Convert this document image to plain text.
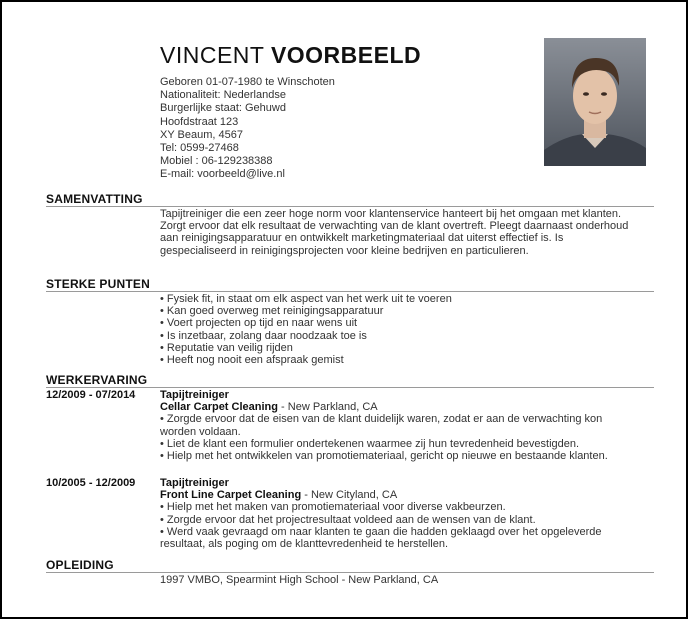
VINCENT VOORBEELD
Geboren 01-07-1980 te Winschoten
Nationaliteit: Nederlandse
Burgerlijke staat: Gehuwd
Hoofdstraat 123
XY Beaum, 4567
Tel: 0599-27468
Mobiel : 06-129238388
E-mail: voorbeeld@live.nl
SAMENVATTING
Tapijtreiniger die een zeer hoge norm voor klantenservice hanteert bij het omgaan met klanten. Zorgt ervoor dat elk resultaat de verwachting van de klant overtreft. Pleegt daarnaast onderhoud aan reinigingsapparatuur en ontwikkelt marketingmateriaal dat uiterst effectief is. Is gespecialiseerd in reinigingsprojecten voor kleine bedrijven en particulieren.
STERKE PUNTEN
• Fysiek fit, in staat om elk aspect van het werk uit te voeren
• Kan goed overweg met reinigingsapparatuur
• Voert projecten op tijd en naar wens uit
• Is inzetbaar, zolang daar noodzaak toe is
• Reputatie van veilig rijden
• Heeft nog nooit een afspraak gemist
WERKERVARING
12/2009 - 07/2014 Tapijtreiniger
Cellar Carpet Cleaning - New Parkland, CA
• Zorgde ervoor dat de eisen van de klant duidelijk waren, zodat er aan de verwachting kon worden voldaan.
• Liet de klant een formulier ondertekenen waarmee zij hun tevredenheid bevestigden.
• Hielp met het ontwikkelen van promotiemateriaal, gericht op nieuwe en bestaande klanten.
10/2005 - 12/2009 Tapijtreiniger
Front Line Carpet Cleaning - New Cityland, CA
• Hielp met het maken van promotiemateriaal voor diverse vakbeurzen.
• Zorgde ervoor dat het projectresultaat voldeed aan de wensen van de klant.
• Werd vaak gevraagd om naar klanten te gaan die hadden geklaagd over het opgeleverde resultaat, als poging om de klanttevredenheid te herstellen.
OPLEIDING
1997 VMBO, Spearmint High School - New Parkland, CA
